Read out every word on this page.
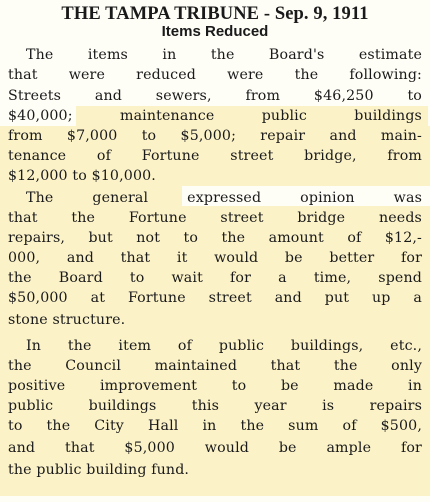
THE TAMPA TRIBUNE - Sep. 9, 1911
Items Reduced
The items in the Board's estimate
that were reduced were the following:
Streets and sewers, from $46,250 to
$40,000; maintenance public buildings
from $7,000 to $5,000; repair and main-
tenance of Fortune street bridge, from
$12,000 to $10,000.
The general expressed opinion was
that the Fortune street bridge needs
repairs, but not to the amount of $12,-
000, and that it would be better for
the Board to wait for a time, spend
$50,000 at Fortune street and put up a
stone structure.
In the item of public buildings, etc.,
the Council maintained that the only
positive improvement to be made in
public buildings this year is repairs
to the City Hall in the sum of $500,
and that $5,000 would be ample for
the public building fund.
